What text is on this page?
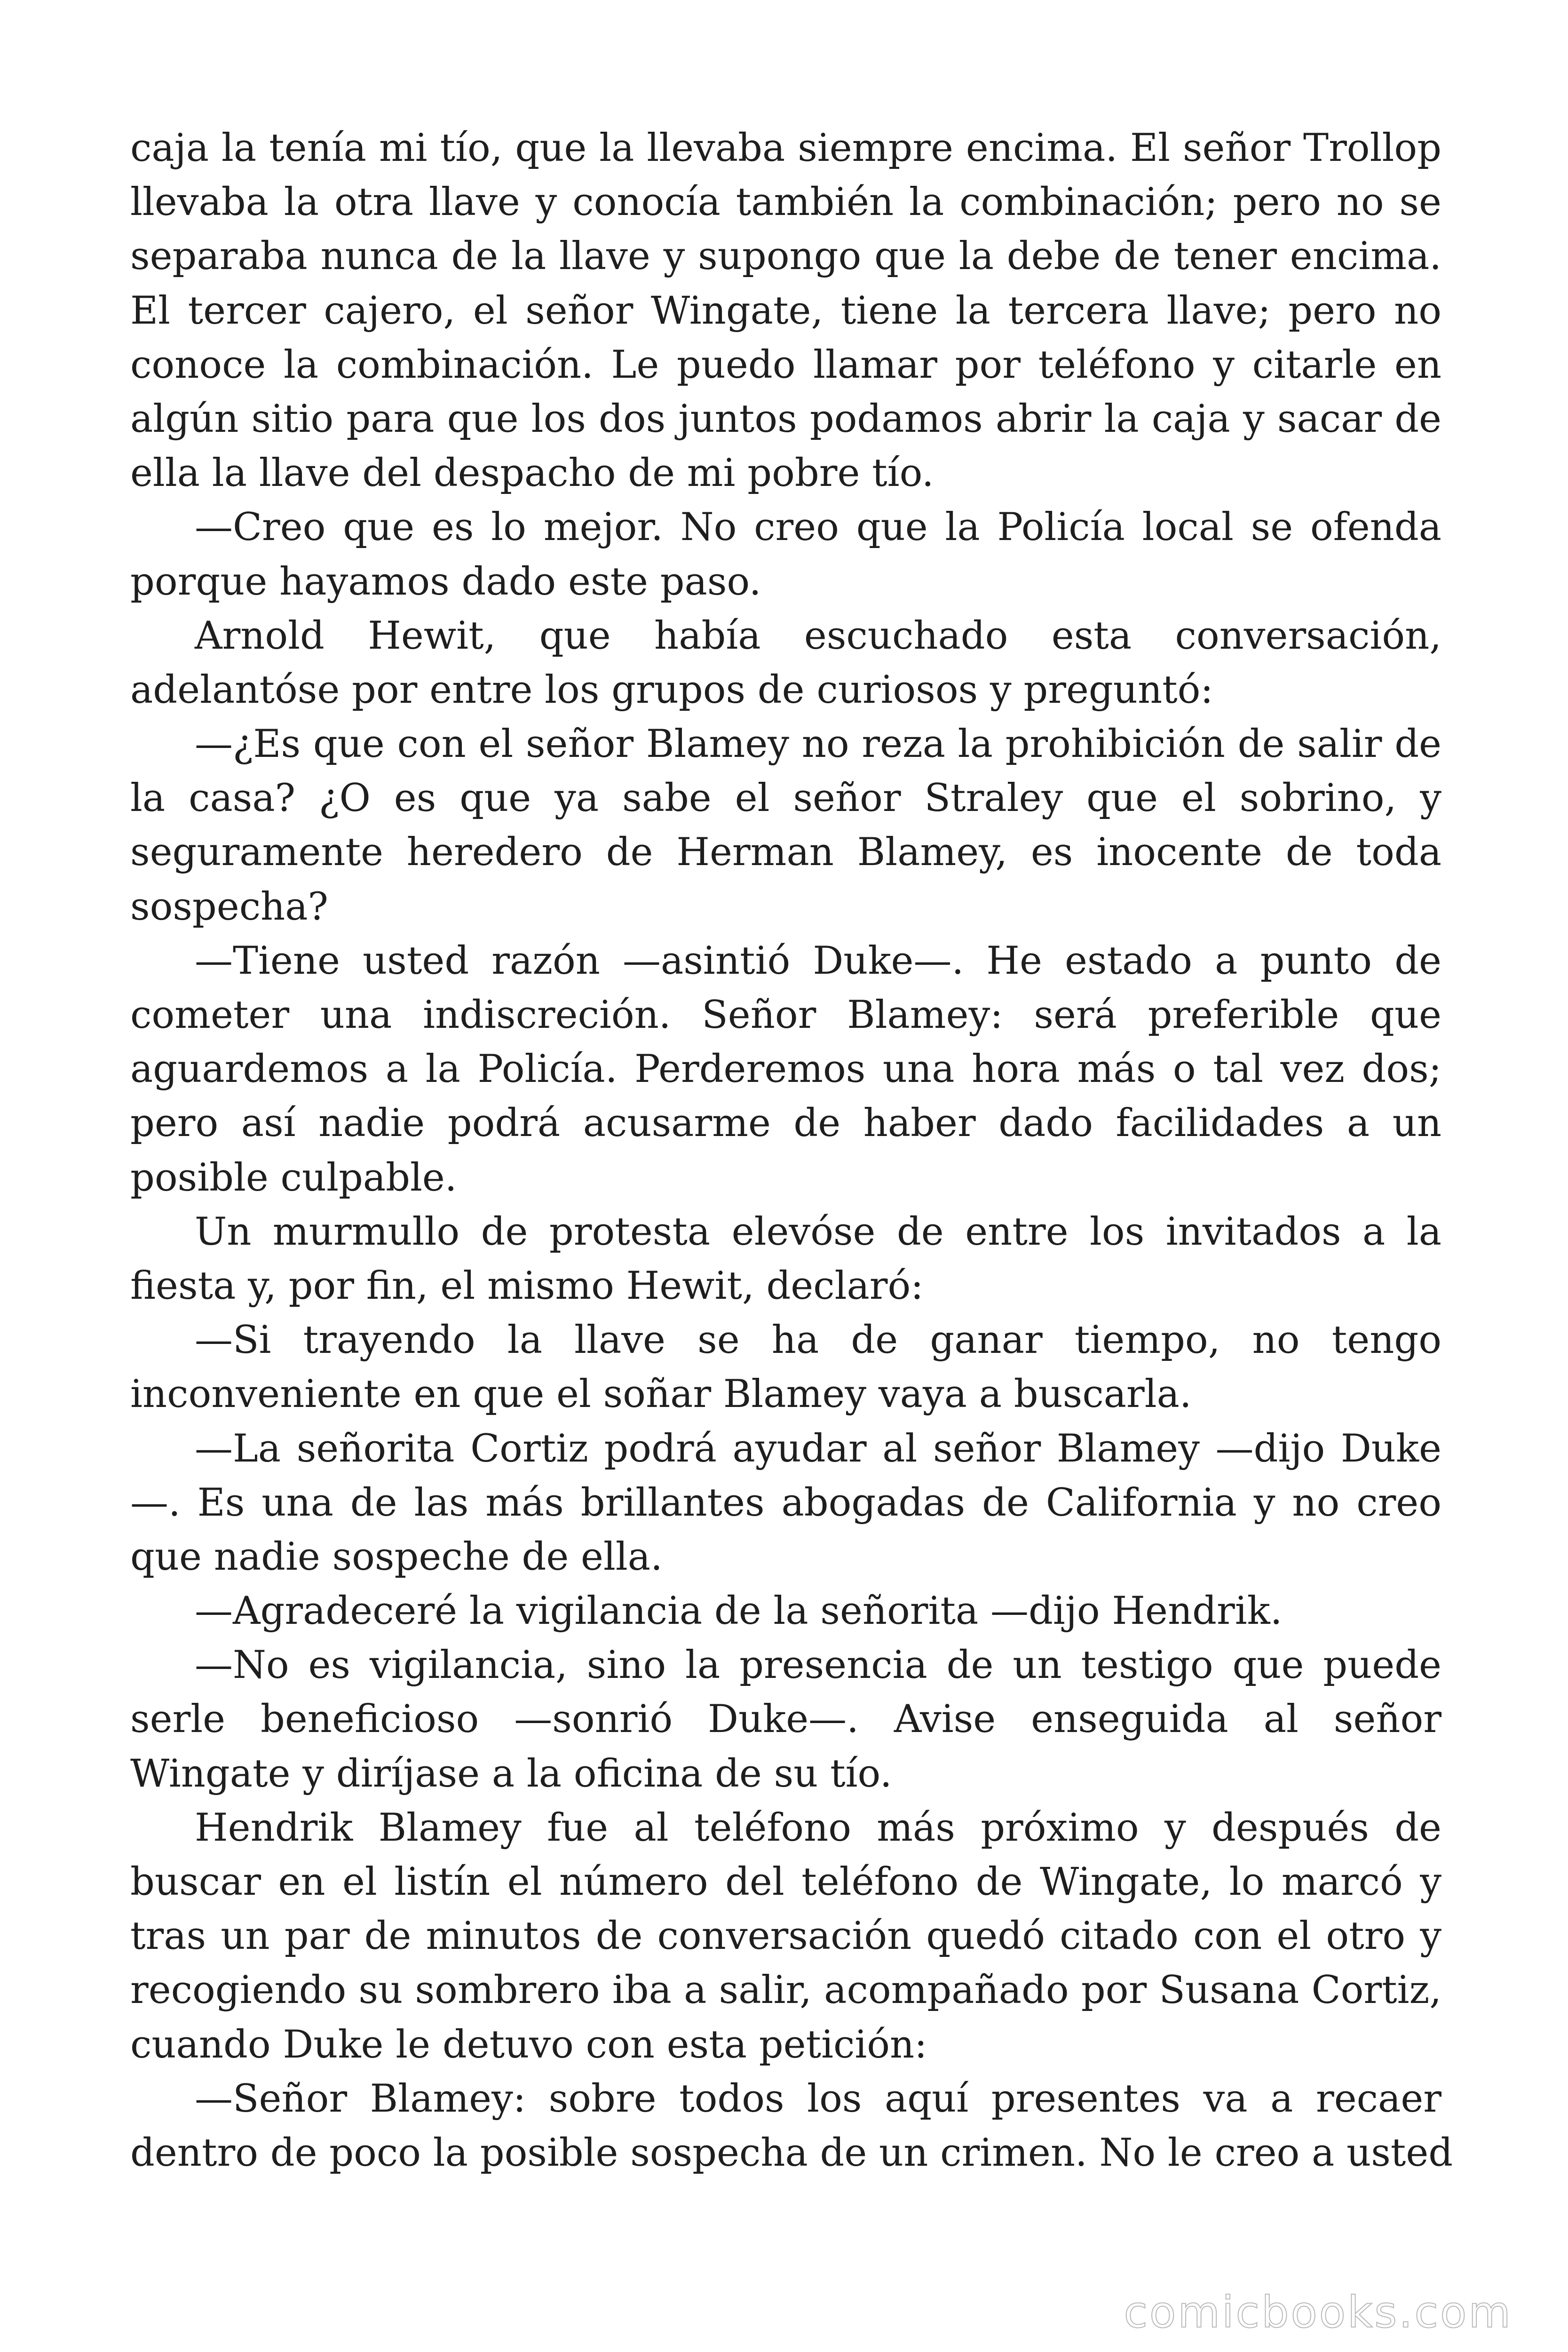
caja la tenía mi tío, que la llevaba siempre encima. El señor Trollop
llevaba la otra llave y conocía también la combinación; pero no se
separaba nunca de la llave y supongo que la debe de tener encima.
El tercer cajero, el señor Wingate, tiene la tercera llave; pero no
conoce la combinación. Le puedo llamar por teléfono y citarle en
algún sitio para que los dos juntos podamos abrir la caja y sacar de
ella la llave del despacho de mi pobre tío.
—Creo que es lo mejor. No creo que la Policía local se ofenda
porque hayamos dado este paso.
Arnold Hewit, que había escuchado esta conversación,
adelantóse por entre los grupos de curiosos y preguntó:
—¿Es que con el señor Blamey no reza la prohibición de salir de
la casa? ¿O es que ya sabe el señor Straley que el sobrino, y
seguramente heredero de Herman Blamey, es inocente de toda
sospecha?
—Tiene usted razón —asintió Duke—. He estado a punto de
cometer una indiscreción. Señor Blamey: será preferible que
aguardemos a la Policía. Perderemos una hora más o tal vez dos;
pero así nadie podrá acusarme de haber dado facilidades a un
posible culpable.
Un murmullo de protesta elevóse de entre los invitados a la
fiesta y, por fin, el mismo Hewit, declaró:
—Si trayendo la llave se ha de ganar tiempo, no tengo
inconveniente en que el soñar Blamey vaya a buscarla.
—La señorita Cortiz podrá ayudar al señor Blamey —dijo Duke
—. Es una de las más brillantes abogadas de California y no creo
que nadie sospeche de ella.
—Agradeceré la vigilancia de la señorita —dijo Hendrik.
—No es vigilancia, sino la presencia de un testigo que puede
serle beneficioso —sonrió Duke—. Avise enseguida al señor
Wingate y diríjase a la oficina de su tío.
Hendrik Blamey fue al teléfono más próximo y después de
buscar en el listín el número del teléfono de Wingate, lo marcó y
tras un par de minutos de conversación quedó citado con el otro y
recogiendo su sombrero iba a salir, acompañado por Susana Cortiz,
cuando Duke le detuvo con esta petición:
—Señor Blamey: sobre todos los aquí presentes va a recaer
dentro de poco la posible sospecha de un crimen. No le creo a usted
comicbooks.com
